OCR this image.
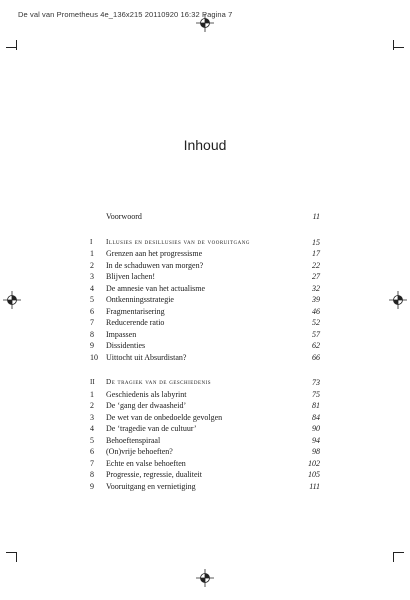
De val van Prometheus 4e_136x215 20110920 16:32 Pagina 7
Inhoud
Voorwoord	11
I	Illusies en desillusies van de vooruitgang	15
1	Grenzen aan het progressisme	17
2	In de schaduwen van morgen?	22
3	Blijven lachen!	27
4	De amnesie van het actualisme	32
5	Ontkenningsstrategie	39
6	Fragmentarisering	46
7	Reducerende ratio	52
8	Impassen	57
9	Dissidenties	62
10	Uittocht uit Absurdistan?	66
II	De tragiek van de geschiedenis	73
1	Geschiedenis als labyrint	75
2	De ‘gang der dwaasheid’	81
3	De wet van de onbedoelde gevolgen	84
4	De ‘tragedie van de cultuur’	90
5	Behoeftenspiraal	94
6	(On)vrije behoeften?	98
7	Echte en valse behoeften	102
8	Progressie, regressie, dualiteit	105
9	Vooruitgang en vernietiging	111
